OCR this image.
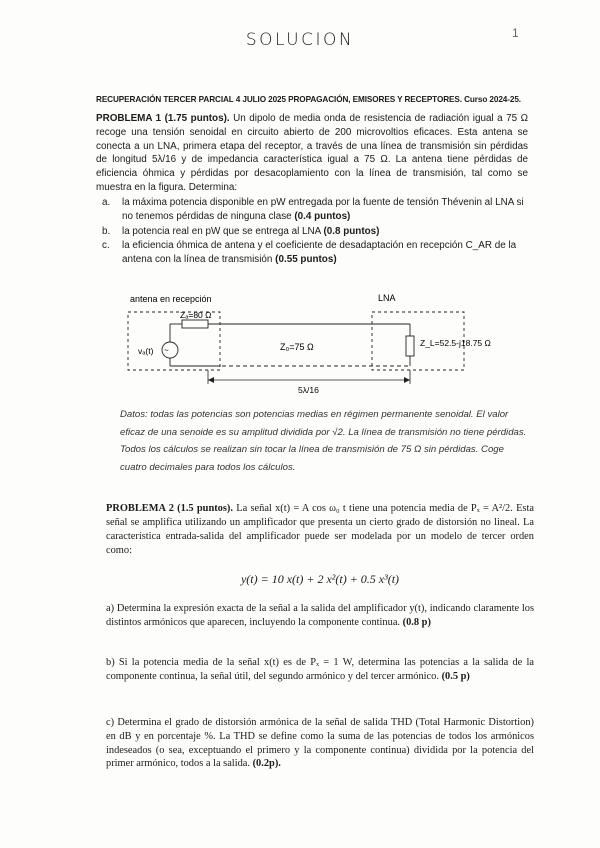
SOLUCION	1
RECUPERACIÓN TERCER PARCIAL 4 JULIO 2025 PROPAGACIÓN, EMISORES Y RECEPTORES. Curso 2024-25.
PROBLEMA 1 (1.75 puntos). Un dipolo de media onda de resistencia de radiación igual a 75 Ω recoge una tensión senoidal en circuito abierto de 200 microvoltios eficaces. Esta antena se conecta a un LNA, primera etapa del receptor, a través de una línea de transmisión sin pérdidas de longitud 5λ/16 y de impedancia característica igual a 75 Ω. La antena tiene pérdidas de eficiencia óhmica y pérdidas por desacoplamiento con la línea de transmisión, tal como se muestra en la figura. Determina:
a. la máxima potencia disponible en pW entregada por la fuente de tensión Thévenin al LNA si no tenemos pérdidas de ninguna clase (0.4 puntos)
b. la potencia real en pW que se entrega al LNA (0.8 puntos)
c. la eficiencia óhmica de antena y el coeficiente de desadaptación en recepción C_AR de la antena con la línea de transmisión (0.55 puntos)
antena en recepción	LNA
Zₐ=80 Ω
~
vₐ(t)	Z₀=75 Ω	Z_L=52.5-j18.75 Ω
5λ/16
Datos: todas las potencias son potencias medias en régimen permanente senoidal. El valor eficaz de una senoide es su amplitud dividida por √2. La línea de transmisión no tiene pérdidas. Todos los cálculos se realizan sin tocar la línea de transmisión de 75 Ω sin pérdidas. Coge cuatro decimales para todos los cálculos.
PROBLEMA 2 (1.5 puntos). La señal x(t) = A cos ω₀ t tiene una potencia media de Pₓ = A²/2. Esta señal se amplifica utilizando un amplificador que presenta un cierto grado de distorsión no lineal. La característica entrada-salida del amplificador puede ser modelada por un modelo de tercer orden como:
y(t) = 10 x(t) + 2 x²(t) + 0.5 x³(t)
a) Determina la expresión exacta de la señal a la salida del amplificador y(t), indicando claramente los distintos armónicos que aparecen, incluyendo la componente continua. (0.8 p)
b) Si la potencia media de la señal x(t) es de Pₓ = 1 W, determina las potencias a la salida de la componente continua, la señal útil, del segundo armónico y del tercer armónico. (0.5 p)
c) Determina el grado de distorsión armónica de la señal de salida THD (Total Harmonic Distortion) en dB y en porcentaje %. La THD se define como la suma de las potencias de todos los armónicos indeseados (o sea, exceptuando el primero y la componente continua) dividida por la potencia del primer armónico, todos a la salida. (0.2p).
